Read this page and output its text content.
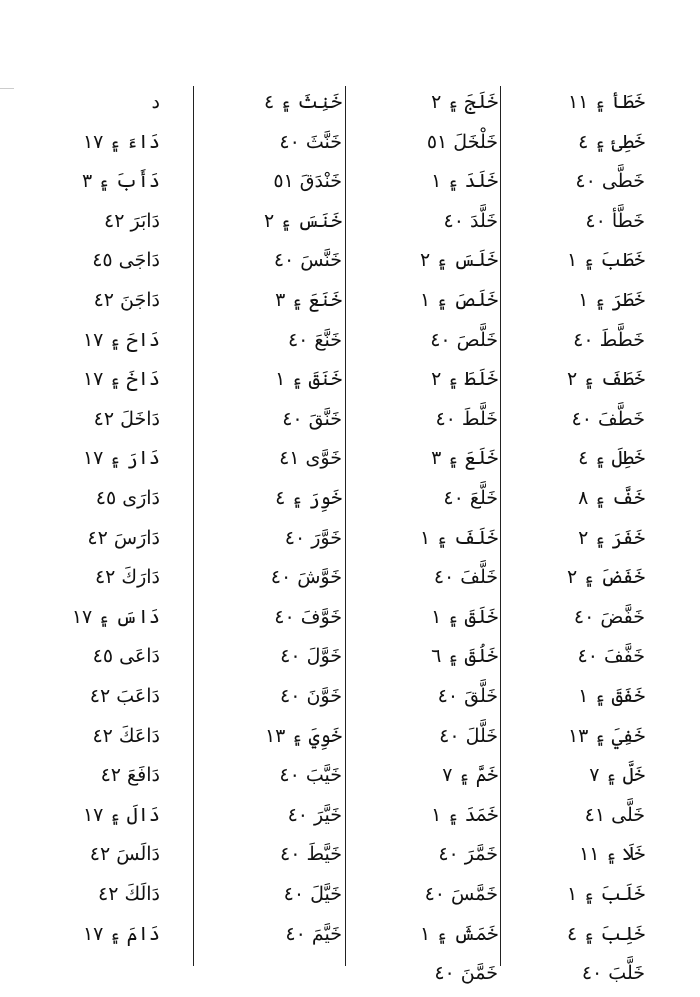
خَطَأ ۽ ١١
خَطِئ ۽ ٤
خَطَّى ٤٠
خَطَّأ ٤٠
خَطَبَ ۽ ١
خَطَرَ ۽ ١
خَطَّطَ ٤٠
خَطَفَ ۽ ٢
خَطَّفَ ٤٠
خَطِلَ ۽ ٤
خَفَّ ۽ ٨
خَفَرَ ۽ ٢
خَفَضَ ۽ ٢
خَفَّضَ ٤٠
خَفَّفَ ٤٠
خَفَقَ ۽ ١
خَفِيَ ۽ ١٣
خَلَّ ۽ ٧
خَلَّى ٤١
خَلَا ۽ ١١
خَلَبَ ۽ ١
خَلِبَ ۽ ٤
خَلَّبَ ٤٠
خَلَجَ ۽ ٢
خَلْخَلَ ٥١
خَلَدَ ۽ ١
خَلَّدَ ٤٠
خَلَسَ ۽ ٢
خَلَصَ ۽ ١
خَلَّصَ ٤٠
خَلَطَ ۽ ٢
خَلَّطَ ٤٠
خَلَعَ ۽ ٣
خَلَّعَ ٤٠
خَلَفَ ۽ ١
خَلَّفَ ٤٠
خَلَقَ ۽ ١
خَلُقَ ۽ ٦
خَلَّقَ ٤٠
خَلَّلَ ٤٠
خَمَّ ۽ ٧
خَمَدَ ۽ ١
خَمَّرَ ٤٠
خَمَّسَ ٤٠
خَمَشَ ۽ ١
خَمَّنَ ٤٠
خَنِثَ ۽ ٤
خَنَّثَ ٤٠
خَنْدَقَ ٥١
خَنَسَ ۽ ٢
خَنَّسَ ٤٠
خَنَعَ ۽ ٣
خَنَّعَ ٤٠
خَنَقَ ۽ ١
خَنَّقَ ٤٠
خَوَّى ٤١
خَوِرَ ۽ ٤
خَوَّرَ ٤٠
خَوَّشَ ٤٠
خَوَّفَ ٤٠
خَوَّلَ ٤٠
خَوَّنَ ٤٠
خَوِيَ ۽ ١٣
خَيَّبَ ٤٠
خَيَّرَ ٤٠
خَيَّطَ ٤٠
خَيَّلَ ٤٠
خَيَّمَ ٤٠
د
دَاءَ ۽ ١٧
دَأَبَ ۽ ٣
دَابَرَ ٤٢
دَاجَى ٤٥
دَاجَنَ ٤٢
دَاحَ ۽ ١٧
دَاخَ ۽ ١٧
دَاخَلَ ٤٢
دَارَ ۽ ١٧
دَارَى ٤٥
دَارَسَ ٤٢
دَارَكَ ٤٢
دَاسَ ۽ ١٧
دَاعَى ٤٥
دَاعَبَ ٤٢
دَاعَكَ ٤٢
دَافَعَ ٤٢
دَالَ ۽ ١٧
دَالَسَ ٤٢
دَالَكَ ٤٢
دَامَ ۽ ١٧
